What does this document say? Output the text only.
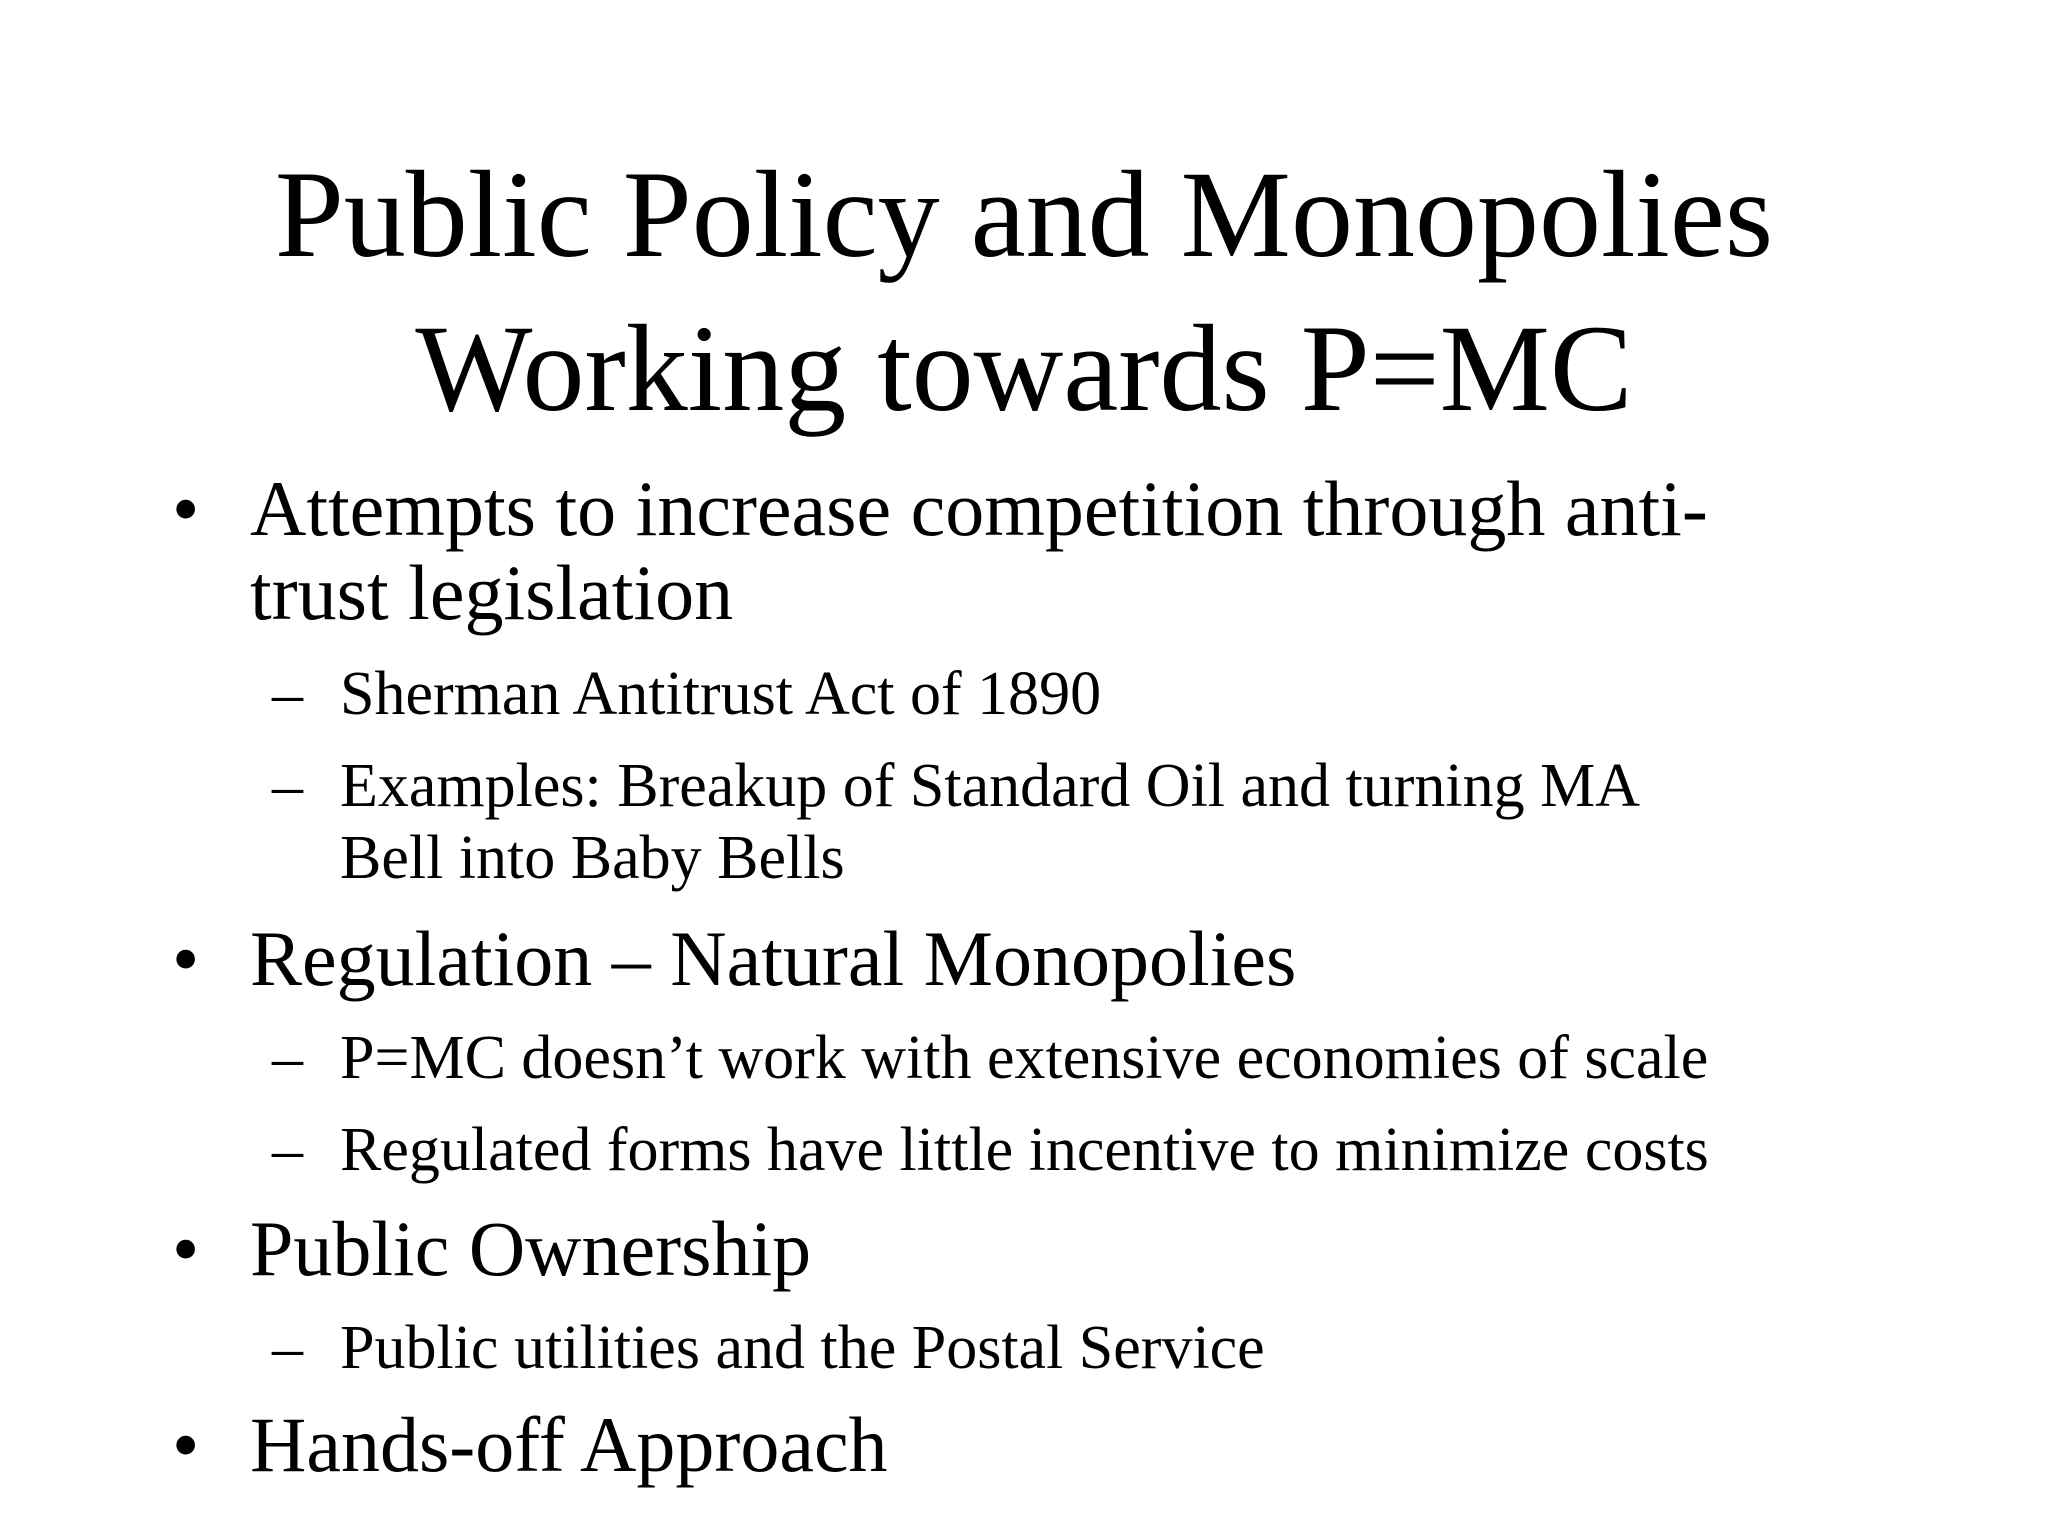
Public Policy and Monopolies
Working towards P=MC
• Attempts to increase competition through anti-
trust legislation
– Sherman Antitrust Act of 1890
– Examples: Breakup of Standard Oil and turning MA
Bell into Baby Bells
• Regulation – Natural Monopolies
– P=MC doesn’t work with extensive economies of scale
– Regulated forms have little incentive to minimize costs
• Public Ownership
– Public utilities and the Postal Service
• Hands-off Approach
